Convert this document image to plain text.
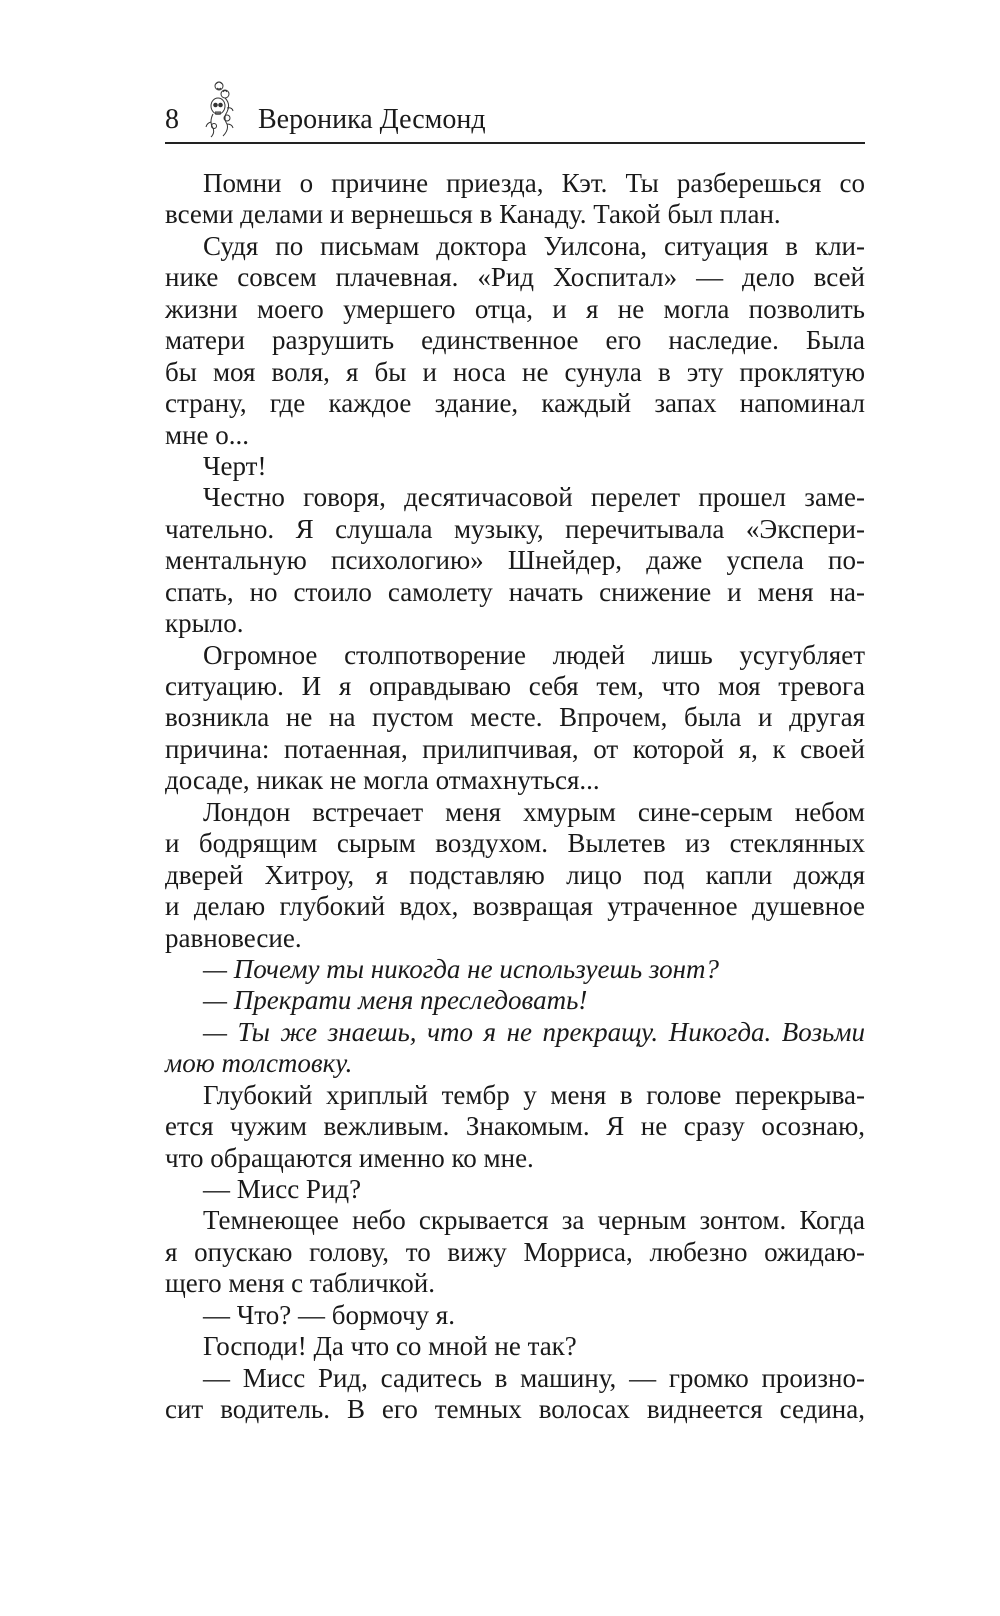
8	Вероника Десмонд
Помни о причине приезда, Кэт. Ты разберешься со
всеми делами и вернешься в Канаду. Такой был план.
Судя по письмам доктора Уилсона, ситуация в кли-
нике совсем плачевная. «Рид Хоспитал» — дело всей
жизни моего умершего отца, и я не могла позволить
матери разрушить единственное его наследие. Была
бы моя воля, я бы и носа не сунула в эту проклятую
страну, где каждое здание, каждый запах напоминал
мне о...
Черт!
Честно говоря, десятичасовой перелет прошел заме-
чательно. Я слушала музыку, перечитывала «Экспери-
ментальную психологию» Шнейдер, даже успела по-
спать, но стоило самолету начать снижение и меня на-
крыло.
Огромное столпотворение людей лишь усугубляет
ситуацию. И я оправдываю себя тем, что моя тревога
возникла не на пустом месте. Впрочем, была и другая
причина: потаенная, прилипчивая, от которой я, к своей
досаде, никак не могла отмахнуться...
Лондон встречает меня хмурым сине-серым небом
и бодрящим сырым воздухом. Вылетев из стеклянных
дверей Хитроу, я подставляю лицо под капли дождя
и делаю глубокий вдох, возвращая утраченное душевное
равновесие.
— Почему ты никогда не используешь зонт?
— Прекрати меня преследовать!
— Ты же знаешь, что я не прекращу. Никогда. Возьми
мою толстовку.
Глубокий хриплый тембр у меня в голове перекрыва-
ется чужим вежливым. Знакомым. Я не сразу осознаю,
что обращаются именно ко мне.
— Мисс Рид?
Темнеющее небо скрывается за черным зонтом. Когда
я опускаю голову, то вижу Морриса, любезно ожидаю-
щего меня с табличкой.
— Что? — бормочу я.
Господи! Да что со мной не так?
— Мисс Рид, садитесь в машину, — громко произно-
сит водитель. В его темных волосах виднеется седина,
